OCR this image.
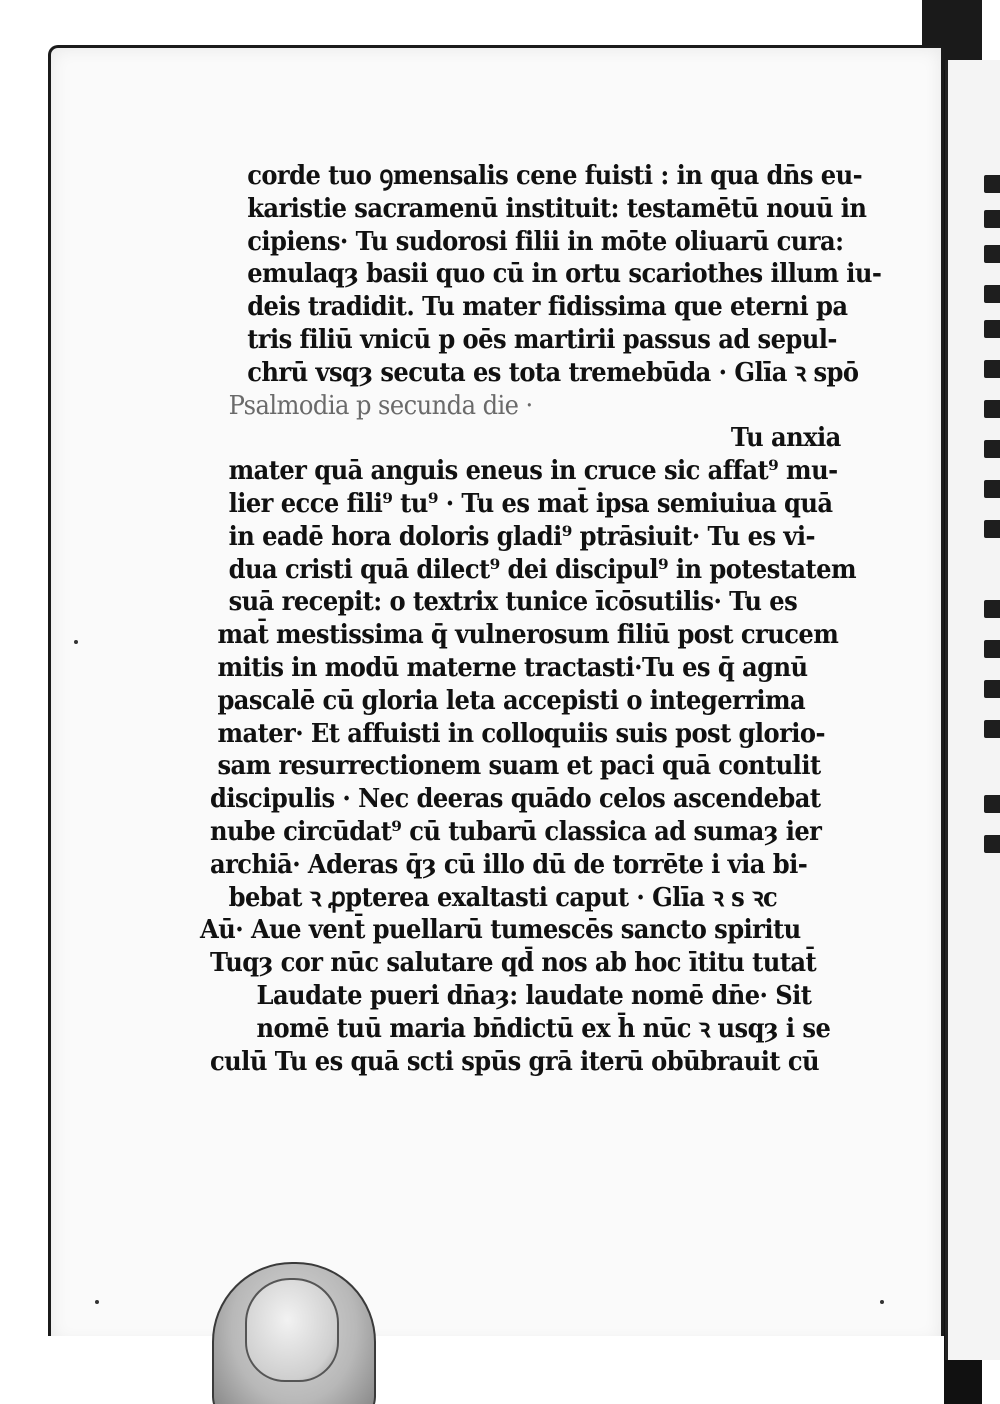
corde tuo ꝯmensalis cene fuisti : in qua dn̄s eu-
karistie sacramenū instituit: testamētū nouū in
cipiens· Tu sudorosi filii in mōte oliuarū cura:
emulaqȝ basii quo cū in ortu scariothes illum iu-
deis tradidit. Tu mater fidissima que eterni pa
tris filiū vnicū p oēs martirii passus ad sepul-
chrū vsqȝ secuta es tota tremebūda · Glīa ꝛ spō
Psalmodia p secunda die ·
Tu anxia
mater quā anguis eneus in cruce sic affat⁹ mu-
lier ecce fili⁹ tu⁹ · Tu es mat̄ ipsa semiuiua quā
in eadē hora doloris gladi⁹ ptrāsiuit· Tu es vi-
dua cristi quā dilect⁹ dei discipul⁹ in potestatem
suā recepit: o textrix tunice īcōsutilis· Tu es
mat̄ mestissima q̄ vulnerosum filiū post crucem
mitis in modū materne tractasti·Tu es q̄ agnū
pascalē cū gloria leta accepisti o integerrima
mater· Et affuisti in colloquiis suis post glorio-
sam resurrectionem suam et paci quā contulit
discipulis · Nec deeras quādo celos ascendebat
nube circūdat⁹ cū tubarū classica ad sumaȝ ier
archiā· Aderas q̄ȝ cū illo dū de torrēte i via bi-
bebat ꝛ ꝓpterea exaltasti caput · Glīa ꝛ s ꝛc
Aū· Aue vent̄ puellarū tumescēs sancto spiritu
Tuqȝ cor nūc salutare qd̄ nos ab hoc ītitu tutat̄
Laudate pueri dn̄aȝ: laudate nomē dn̄e· Sit
nomē tuū maria bn̄dictū ex h̄ nūc ꝛ usqȝ i se
culū Tu es quā scti spūs grā iterū obūbrauit cū
